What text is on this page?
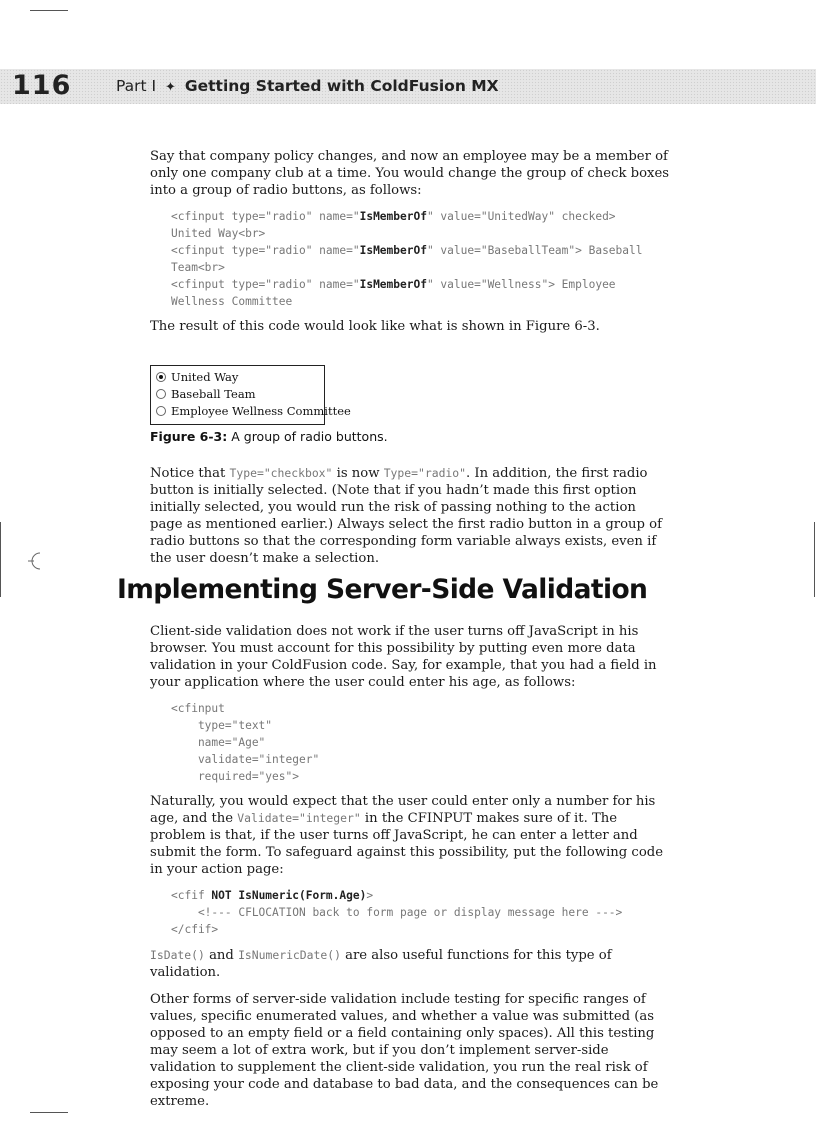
116	Part I ✦ Getting Started with ColdFusion MX

Say that company policy changes, and now an employee may be a member of only one company club at a time. You would change the group of check boxes into a group of radio buttons, as follows:

<cfinput type="radio" name="IsMemberOf" value="UnitedWay" checked>
United Way<br>
<cfinput type="radio" name="IsMemberOf" value="BaseballTeam"> Baseball
Team<br>
<cfinput type="radio" name="IsMemberOf" value="Wellness"> Employee
Wellness Committee

The result of this code would look like what is shown in Figure 6-3.

United Way
Baseball Team
Employee Wellness Committee
Figure 6-3: A group of radio buttons.

Notice that Type="checkbox" is now Type="radio". In addition, the first radio button is initially selected. (Note that if you hadn’t made this first option initially selected, you would run the risk of passing nothing to the action page as mentioned earlier.) Always select the first radio button in a group of radio buttons so that the corresponding form variable always exists, even if the user doesn’t make a selection.

Implementing Server-Side Validation

Client-side validation does not work if the user turns off JavaScript in his browser. You must account for this possibility by putting even more data validation in your ColdFusion code. Say, for example, that you had a field in your application where the user could enter his age, as follows:

<cfinput
type="text"
name="Age"
validate="integer"
required="yes">

Naturally, you would expect that the user could enter only a number for his age, and the Validate="integer" in the CFINPUT makes sure of it. The problem is that, if the user turns off JavaScript, he can enter a letter and submit the form. To safeguard against this possibility, put the following code in your action page:

<cfif NOT IsNumeric(Form.Age)>
<!--- CFLOCATION back to form page or display message here --->
</cfif>

IsDate() and IsNumericDate() are also useful functions for this type of validation.

Other forms of server-side validation include testing for specific ranges of values, specific enumerated values, and whether a value was submitted (as opposed to an empty field or a field containing only spaces). All this testing may seem a lot of extra work, but if you don’t implement server-side validation to supplement the client-side validation, you run the real risk of exposing your code and database to bad data, and the consequences can be extreme.
